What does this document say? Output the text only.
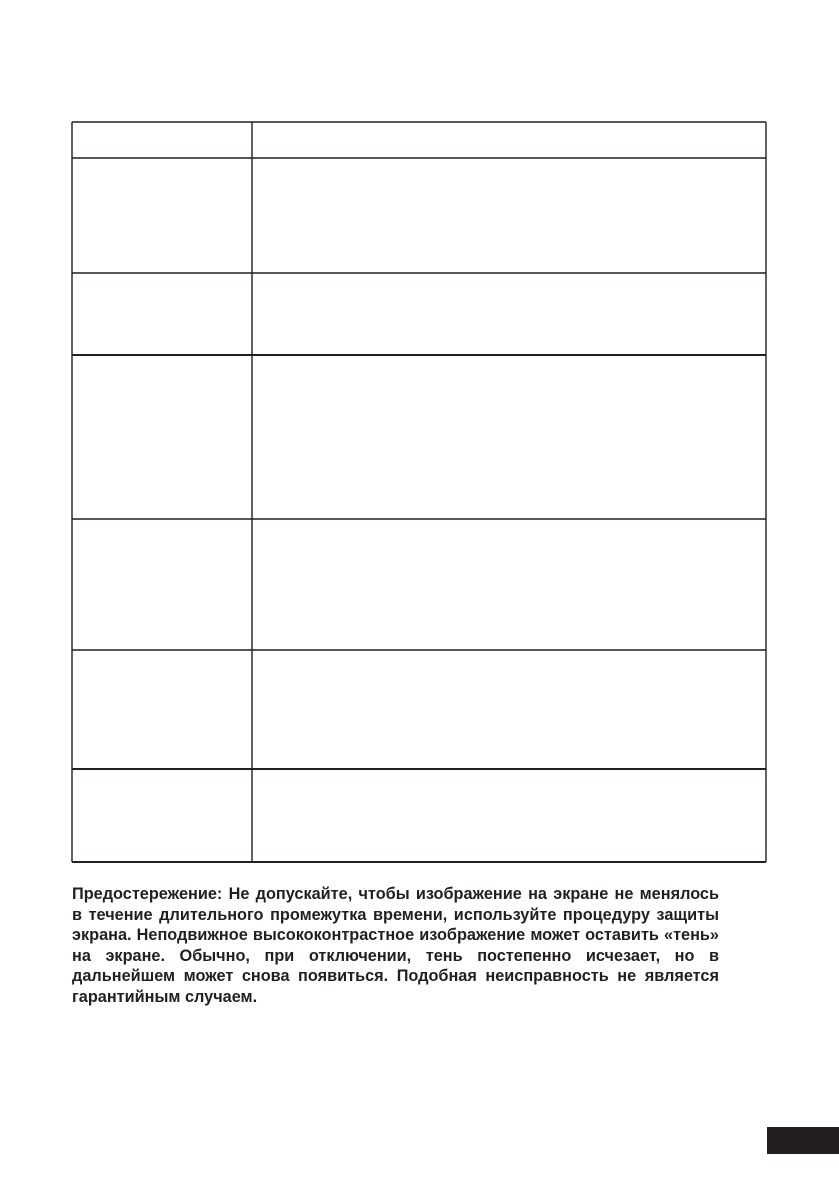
Предостережение: Не допускайте, чтобы изображение на экране не менялось в течение длительного промежутка времени, используйте процедуру защиты экрана. Неподвижное высококонтрастное изображение может оставить «тень» на экране. Обычно, при отключении, тень постепенно исчезает, но в дальнейшем может снова появиться. Подобная неисправность не является гарантийным случаем.
